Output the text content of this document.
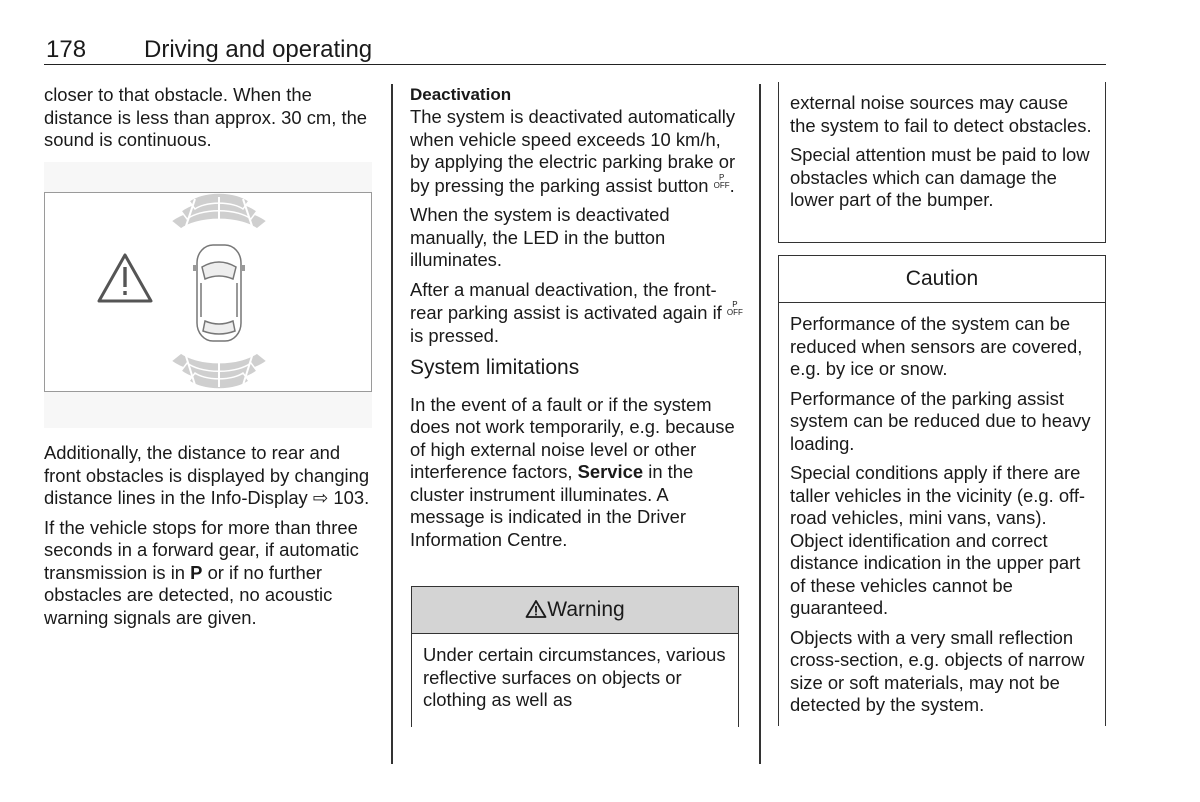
178 Driving and operating

closer to that obstacle. When the distance is less than approx. 30 cm, the sound is continuous.

Additionally, the distance to rear and front obstacles is displayed by changing distance lines in the Info-Display ⇨ 103.

If the vehicle stops for more than three seconds in a forward gear, if automatic transmission is in P or if no further obstacles are detected, no acoustic warning signals are given.

Deactivation

The system is deactivated automatically when vehicle speed exceeds 10 km/h, by applying the electric parking brake or by pressing the parking assist button P
OFF.

When the system is deactivated manually, the LED in the button illuminates.

After a manual deactivation, the front-rear parking assist is activated again if P
OFF is pressed.

System limitations

In the event of a fault or if the system does not work temporarily, e.g. because of high external noise level or other interference factors, Service in the cluster instrument illuminates. A message is indicated in the Driver Information Centre.

Warning

Under certain circumstances, various reflective surfaces on objects or clothing as well as

external noise sources may cause the system to fail to detect obstacles.

Special attention must be paid to low obstacles which can damage the lower part of the bumper.

Caution

Performance of the system can be reduced when sensors are covered, e.g. by ice or snow.

Performance of the parking assist system can be reduced due to heavy loading.

Special conditions apply if there are taller vehicles in the vicinity (e.g. off-road vehicles, mini vans, vans). Object identification and correct distance indication in the upper part of these vehicles cannot be guaranteed.

Objects with a very small reflection cross-section, e.g. objects of narrow size or soft materials, may not be detected by the system.
